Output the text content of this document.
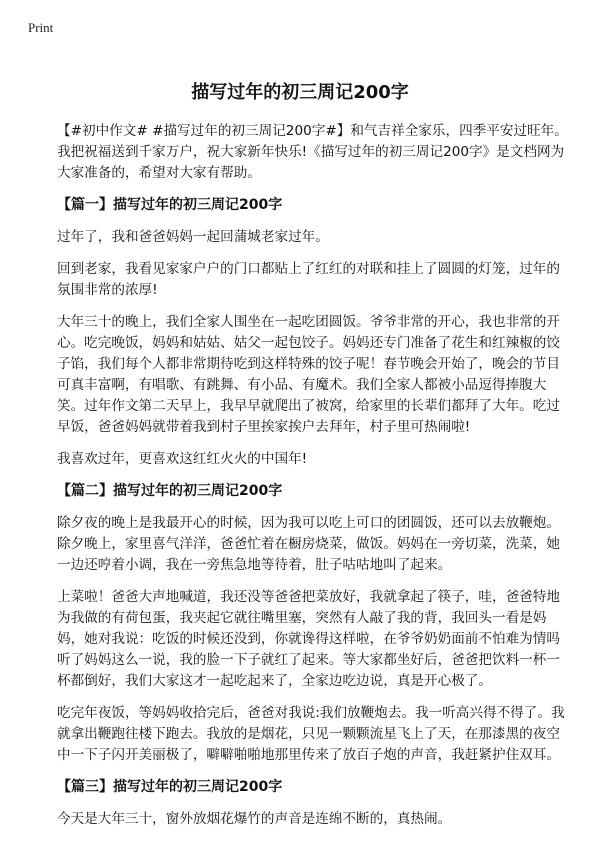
Print
描写过年的初三周记200字

【#初中作文# #描写过年的初三周记200字#】和气吉祥全家乐，四季平安过旺年。我把祝福送到千家万户，祝大家新年快乐!《描写过年的初三周记200字》是文档网为大家准备的，希望对大家有帮助。

【篇一】描写过年的初三周记200字

过年了，我和爸爸妈妈一起回蒲城老家过年。

回到老家，我看见家家户户的门口都贴上了红红的对联和挂上了圆圆的灯笼，过年的氛围非常的浓厚!

大年三十的晚上，我们全家人围坐在一起吃团圆饭。爷爷非常的开心，我也非常的开心。吃完晚饭，妈妈和姑姑、姑父一起包饺子。妈妈还专门准备了花生和红辣椒的饺子馅，我们每个人都非常期待吃到这样特殊的饺子呢！春节晚会开始了，晚会的节目可真丰富啊，有唱歌、有跳舞、有小品、有魔术。我们全家人都被小品逗得捧腹大笑。过年作文第二天早上，我早早就爬出了被窝，给家里的长辈们都拜了大年。吃过早饭，爸爸妈妈就带着我到村子里挨家挨户去拜年，村子里可热闹啦!

我喜欢过年，更喜欢这红红火火的中国年!

【篇二】描写过年的初三周记200字

除夕夜的晚上是我最开心的时候，因为我可以吃上可口的团圆饭，还可以去放鞭炮。除夕晚上，家里喜气洋洋，爸爸忙着在橱房烧菜，做饭。妈妈在一旁切菜，洗菜，她一边还哼着小调，我在一旁焦急地等待着，肚子咕咕地叫了起来。

上菜啦！爸爸大声地喊道，我还没等爸爸把菜放好，我就拿起了筷子，哇，爸爸特地为我做的有荷包蛋，我夹起它就往嘴里塞，突然有人敲了我的背，我回头一看是妈妈，她对我说：吃饭的时候还没到，你就谗得这样啦，在爷爷奶奶面前不怕难为情吗听了妈妈这么一说，我的脸一下子就红了起来。等大家都坐好后，爸爸把饮料一杯一杯都倒好，我们大家这才一起吃起来了，全家边吃边说，真是开心极了。

吃完年夜饭，等妈妈收拾完后，爸爸对我说:我们放鞭炮去。我一听高兴得不得了。我就拿出鞭跑往楼下跑去。我放的是烟花，只见一颗颗流星飞上了天，在那漆黑的夜空中一下子闪开美丽极了，噼噼啪啪地那里传来了放百子炮的声音，我赶紧护住双耳。

【篇三】描写过年的初三周记200字

今天是大年三十，窗外放烟花爆竹的声音是连绵不断的，真热闹。
